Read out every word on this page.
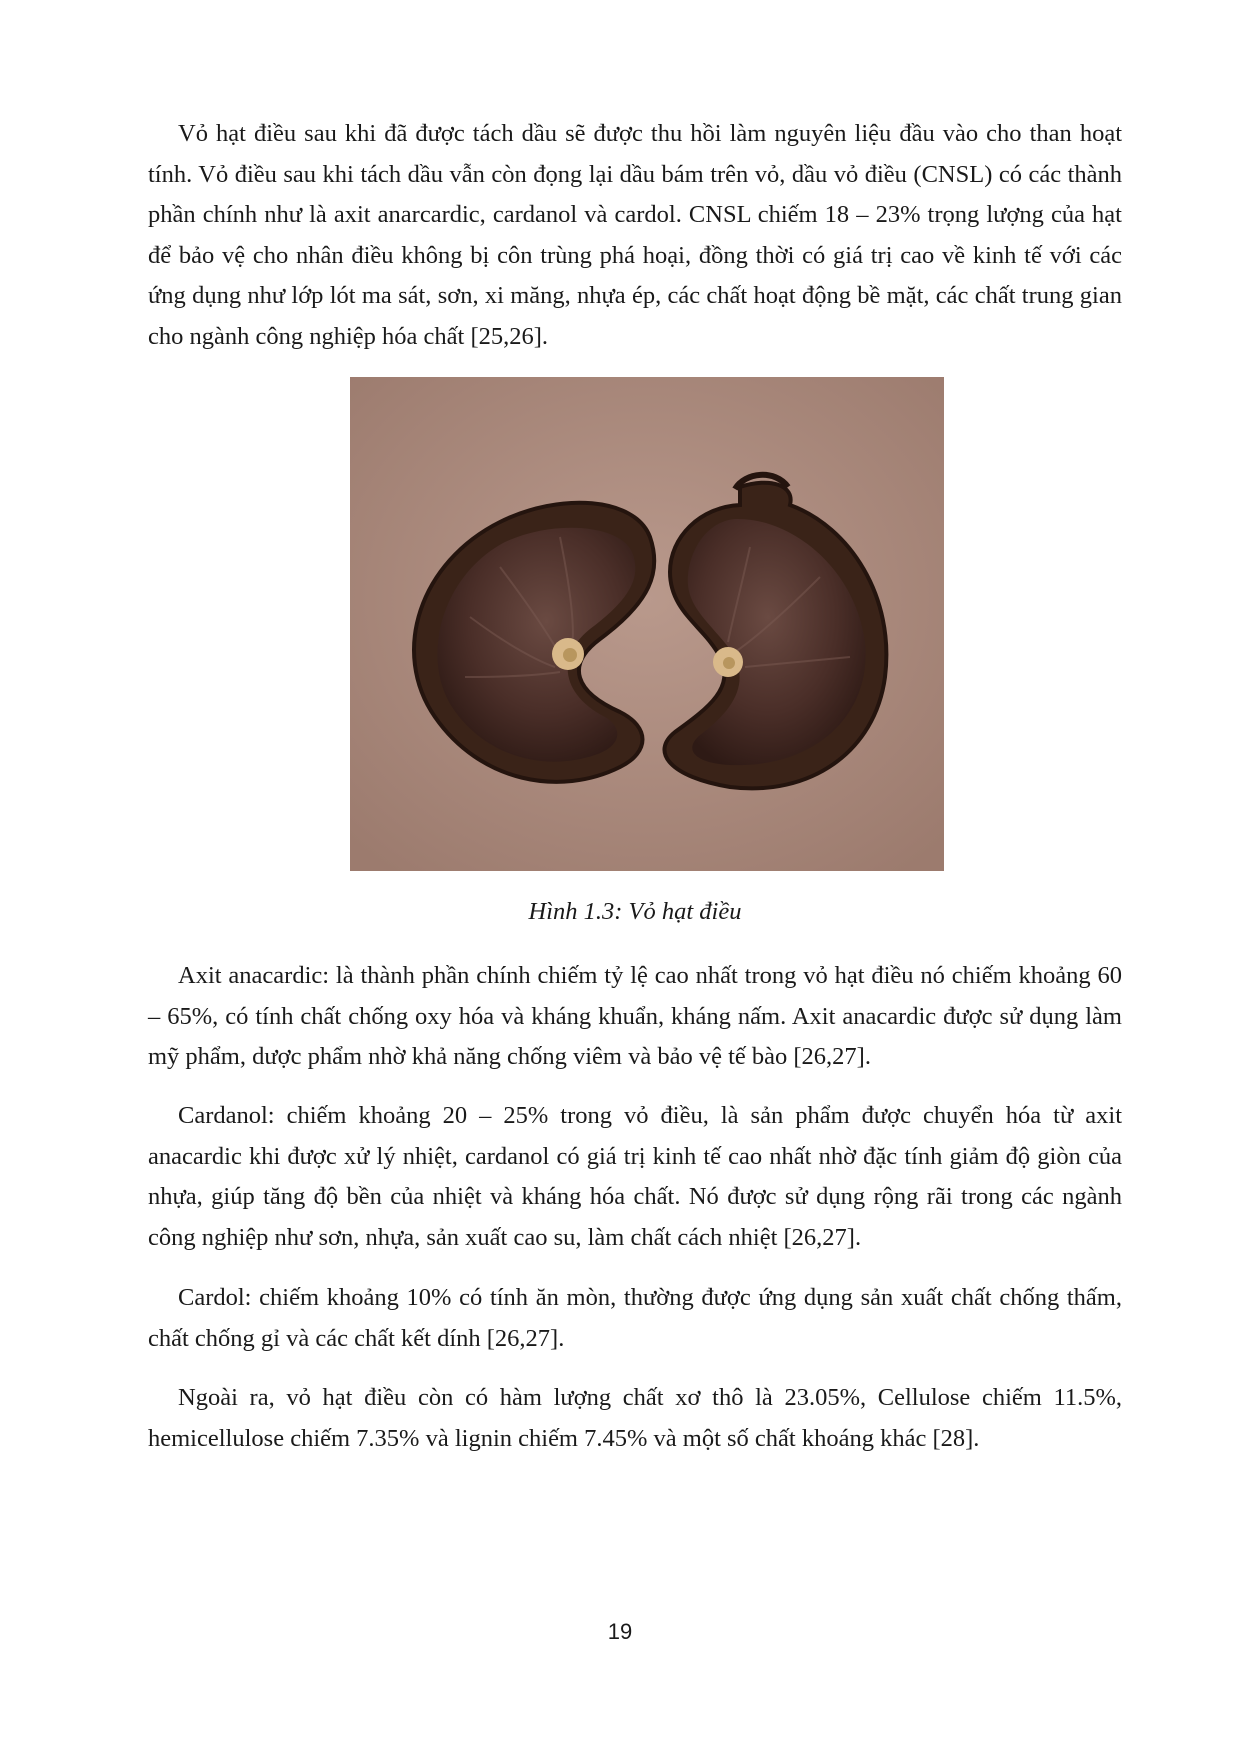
Vỏ hạt điều sau khi đã được tách dầu sẽ được thu hồi làm nguyên liệu đầu vào cho than hoạt tính. Vỏ điều sau khi tách dầu vẫn còn đọng lại dầu bám trên vỏ, dầu vỏ điều (CNSL) có các thành phần chính như là axit anarcardic, cardanol và cardol. CNSL chiếm 18 – 23% trọng lượng của hạt để bảo vệ cho nhân điều không bị côn trùng phá hoại, đồng thời có giá trị cao về kinh tế với các ứng dụng như lớp lót ma sát, sơn, xi măng, nhựa ép, các chất hoạt động bề mặt, các chất trung gian cho ngành công nghiệp hóa chất [25,26].

Hình 1.3: Vỏ hạt điều

Axit anacardic: là thành phần chính chiếm tỷ lệ cao nhất trong vỏ hạt điều nó chiếm khoảng 60 – 65%, có tính chất chống oxy hóa và kháng khuẩn, kháng nấm. Axit anacardic được sử dụng làm mỹ phẩm, dược phẩm nhờ khả năng chống viêm và bảo vệ tế bào [26,27].

Cardanol: chiếm khoảng 20 – 25% trong vỏ điều, là sản phẩm được chuyển hóa từ axit anacardic khi được xử lý nhiệt, cardanol có giá trị kinh tế cao nhất nhờ đặc tính giảm độ giòn của nhựa, giúp tăng độ bền của nhiệt và kháng hóa chất. Nó được sử dụng rộng rãi trong các ngành công nghiệp như sơn, nhựa, sản xuất cao su, làm chất cách nhiệt [26,27].

Cardol: chiếm khoảng 10% có tính ăn mòn, thường được ứng dụng sản xuất chất chống thấm, chất chống gỉ và các chất kết dính [26,27].

Ngoài ra, vỏ hạt điều còn có hàm lượng chất xơ thô là 23.05%, Cellulose chiếm 11.5%, hemicellulose chiếm 7.35% và lignin chiếm 7.45% và một số chất khoáng khác [28].

19
